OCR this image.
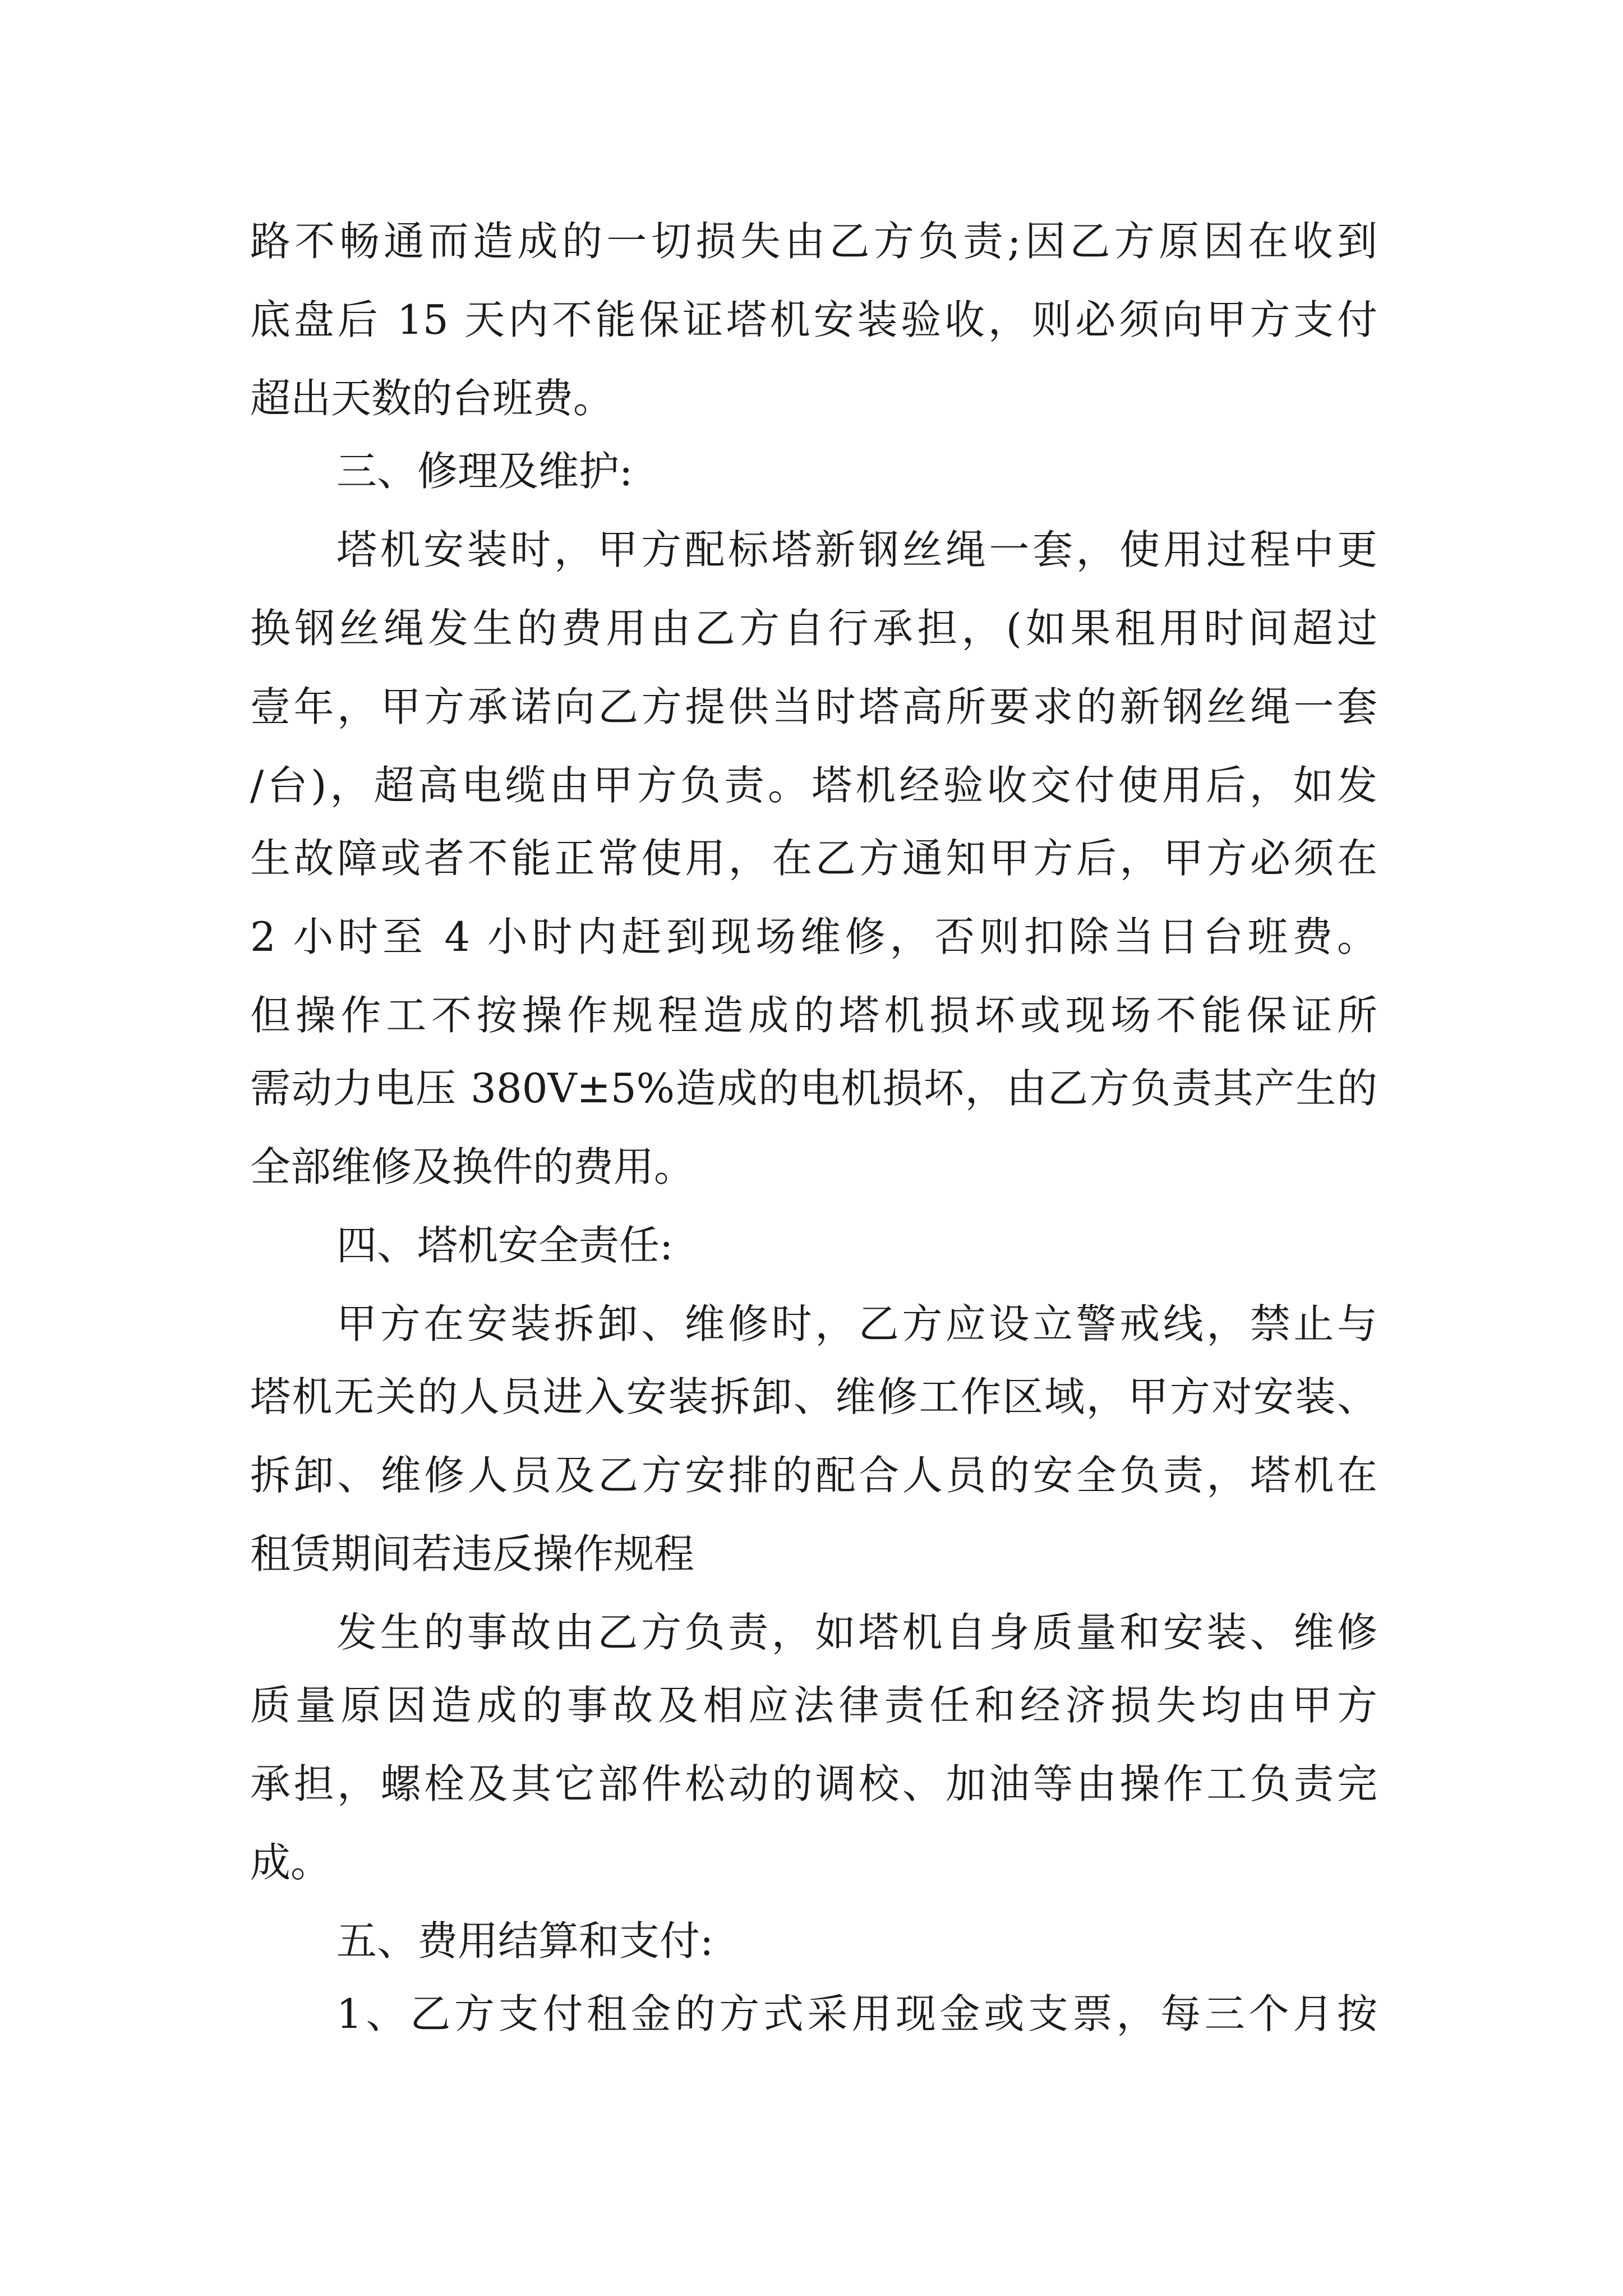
路不畅通而造成的一切损失由乙方负责;因乙方原因在收到
底盘后 15 天内不能保证塔机安装验收，则必须向甲方支付
超出天数的台班费。
三、修理及维护:
塔机安装时，甲方配标塔新钢丝绳一套，使用过程中更
换钢丝绳发生的费用由乙方自行承担，(如果租用时间超过
壹年，甲方承诺向乙方提供当时塔高所要求的新钢丝绳一套
/台)，超高电缆由甲方负责。塔机经验收交付使用后，如发
生故障或者不能正常使用，在乙方通知甲方后，甲方必须在
2 小时至 4 小时内赶到现场维修，否则扣除当日台班费。
但操作工不按操作规程造成的塔机损坏或现场不能保证所
需动力电压 380V±5%造成的电机损坏，由乙方负责其产生的
全部维修及换件的费用。
四、塔机安全责任:
甲方在安装拆卸、维修时，乙方应设立警戒线，禁止与
塔机无关的人员进入安装拆卸、维修工作区域，甲方对安装、
拆卸、维修人员及乙方安排的配合人员的安全负责，塔机在
租赁期间若违反操作规程
发生的事故由乙方负责，如塔机自身质量和安装、维修
质量原因造成的事故及相应法律责任和经济损失均由甲方
承担，螺栓及其它部件松动的调校、加油等由操作工负责完
成。
五、费用结算和支付:
1、乙方支付租金的方式采用现金或支票，每三个月按
